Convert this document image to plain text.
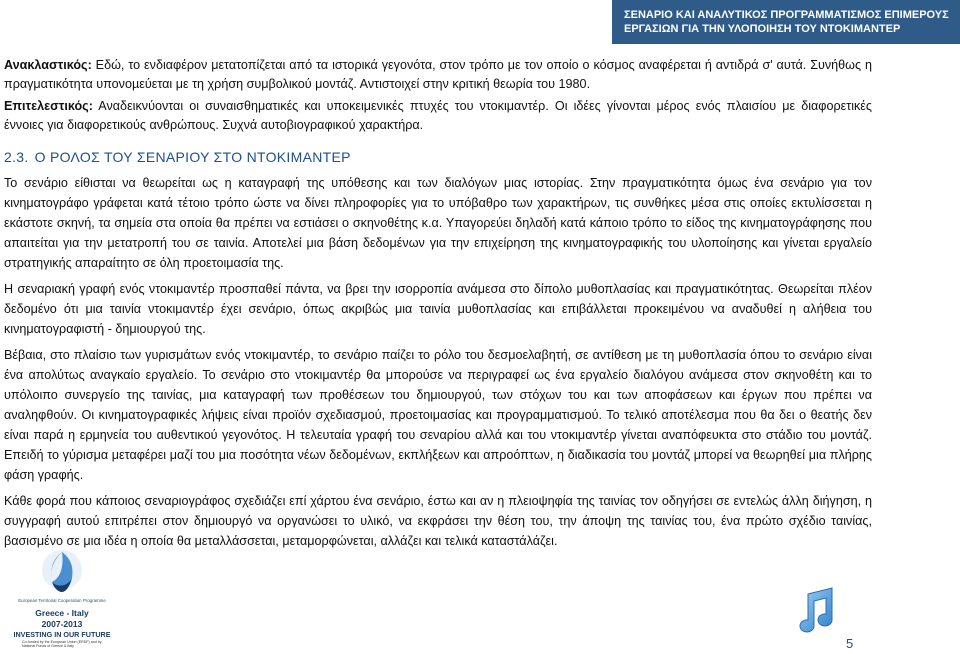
ΣΕΝΑΡΙΟ ΚΑΙ ΑΝΑΛΥΤΙΚΟΣ ΠΡΟΓΡΑΜΜΑΤΙΣΜΟΣ ΕΠΙΜΕΡΟΥΣ
ΕΡΓΑΣΙΩΝ ΓΙΑ ΤΗΝ ΥΛΟΠΟΙΗΣΗ ΤΟΥ ΝΤΟΚΙΜΑΝΤΕΡ

Ανακλαστικός: Εδώ, το ενδιαφέρον μετατοπίζεται από τα ιστορικά γεγονότα, στον τρόπο με τον οποίο ο κόσμος αναφέρεται ή αντιδρά σ' αυτά. Συνήθως η πραγματικότητα υπονοµεύεται με τη χρήση συμβολικού μοντάζ. Αντιστοιχεί στην κριτική θεωρία του 1980.

Επιτελεστικός: Αναδεικνύονται οι συναισθηματικές και υποκειμενικές πτυχές του ντοκιμαντέρ. Οι ιδέες γίνονται μέρος ενός πλαισίου με διαφορετικές έννοιες για διαφορετικούς ανθρώπους. Συχνά αυτοβιογραφικού χαρακτήρα.

2.3. Ο ΡΟΛΟΣ ΤΟΥ ΣΕΝΑΡΙΟΥ ΣΤΟ ΝΤΟΚΙΜΑΝΤΕΡ

Το σενάριο είθισται να θεωρείται ως η καταγραφή της υπόθεσης και των διαλόγων μιας ιστορίας. Στην πραγματικότητα όμως ένα σενάριο για τον κινηματογράφο γράφεται κατά τέτοιο τρόπο ώστε να δίνει πληροφορίες για το υπόβαθρο των χαρακτήρων, τις συνθήκες μέσα στις οποίες εκτυλίσσεται η εκάστοτε σκηνή, τα σημεία στα οποία θα πρέπει να εστιάσει ο σκηνοθέτης κ.α. Υπαγορεύει δηλαδή κατά κάποιο τρόπο το είδος της κινηματογράφησης που απαιτείται για την μετατροπή του σε ταινία. Αποτελεί μια βάση δεδομένων για την επιχείρηση της κινηματογραφικής του υλοποίησης και γίνεται εργαλείο στρατηγικής απαραίτητο σε όλη προετοιμασία της.

Η σεναριακή γραφή ενός ντοκιμαντέρ προσπαθεί πάντα, να βρει την ισορροπία ανάμεσα στο δίπολο μυθοπλασίας και πραγματικότητας. Θεωρείται πλέον δεδομένο ότι μια ταινία ντοκιμαντέρ έχει σενάριο, όπως ακριβώς μια ταινία μυθοπλασίας και επιβάλλεται προκειμένου να αναδυθεί η αλήθεια του κινηματογραφιστή - δημιουργού της.

Βέβαια, στο πλαίσιο των γυρισμάτων ενός ντοκιμαντέρ, το σενάριο παίζει το ρόλο του δεσμοελαβητή, σε αντίθεση με τη μυθοπλασία όπου το σενάριο είναι ένα απολύτως αναγκαίο εργαλείο. Το σενάριο στο ντοκιμαντέρ θα μπορούσε να περιγραφεί ως ένα εργαλείο διαλόγου ανάμεσα στον σκηνοθέτη και το υπόλοιπο συνεργείο της ταινίας, μια καταγραφή των προθέσεων του δημιουργού, των στόχων του και των αποφάσεων και έργων που πρέπει να αναληφθούν. Οι κινηματογραφικές λήψεις είναι προϊόν σχεδιασμού, προετοιμασίας και προγραμματισμού. Το τελικό αποτέλεσμα που θα δει ο θεατής δεν είναι παρά η ερμηνεία του αυθεντικού γεγονότος. Η τελευταία γραφή του σεναρίου αλλά και του ντοκιμαντέρ γίνεται αναπόφευκτα στο στάδιο του μοντάζ. Επειδή το γύρισμα μεταφέρει μαζί του μια ποσότητα νέων δεδομένων, εκπλήξεων και απροόπτων, η διαδικασία του μοντάζ μπορεί να θεωρηθεί μια πλήρης φάση γραφής.

Κάθε φορά που κάποιος σεναριογράφος σχεδιάζει επί χάρτου ένα σενάριο, έστω και αν η πλειοψηφία της ταινίας τον οδηγήσει σε εντελώς άλλη διήγηση, η συγγραφή αυτού επιτρέπει στον δημιουργό να οργανώσει το υλικό, να εκφράσει την θέση του, την άποψη της ταινίας του, ένα πρώτο σχέδιο ταινίας, βασισμένο σε μια ιδέα η οποία θα μεταλλάσσεται, μεταμορφώνεται, αλλάζει και τελικά καταστάλάζει.

European Territorial Cooperation Programme
Greece - Italy
2007-2013
INVESTING IN OUR FUTURE
Co-funded by the European Union (ERDF) and by National Funds of Greece & Italy	5
